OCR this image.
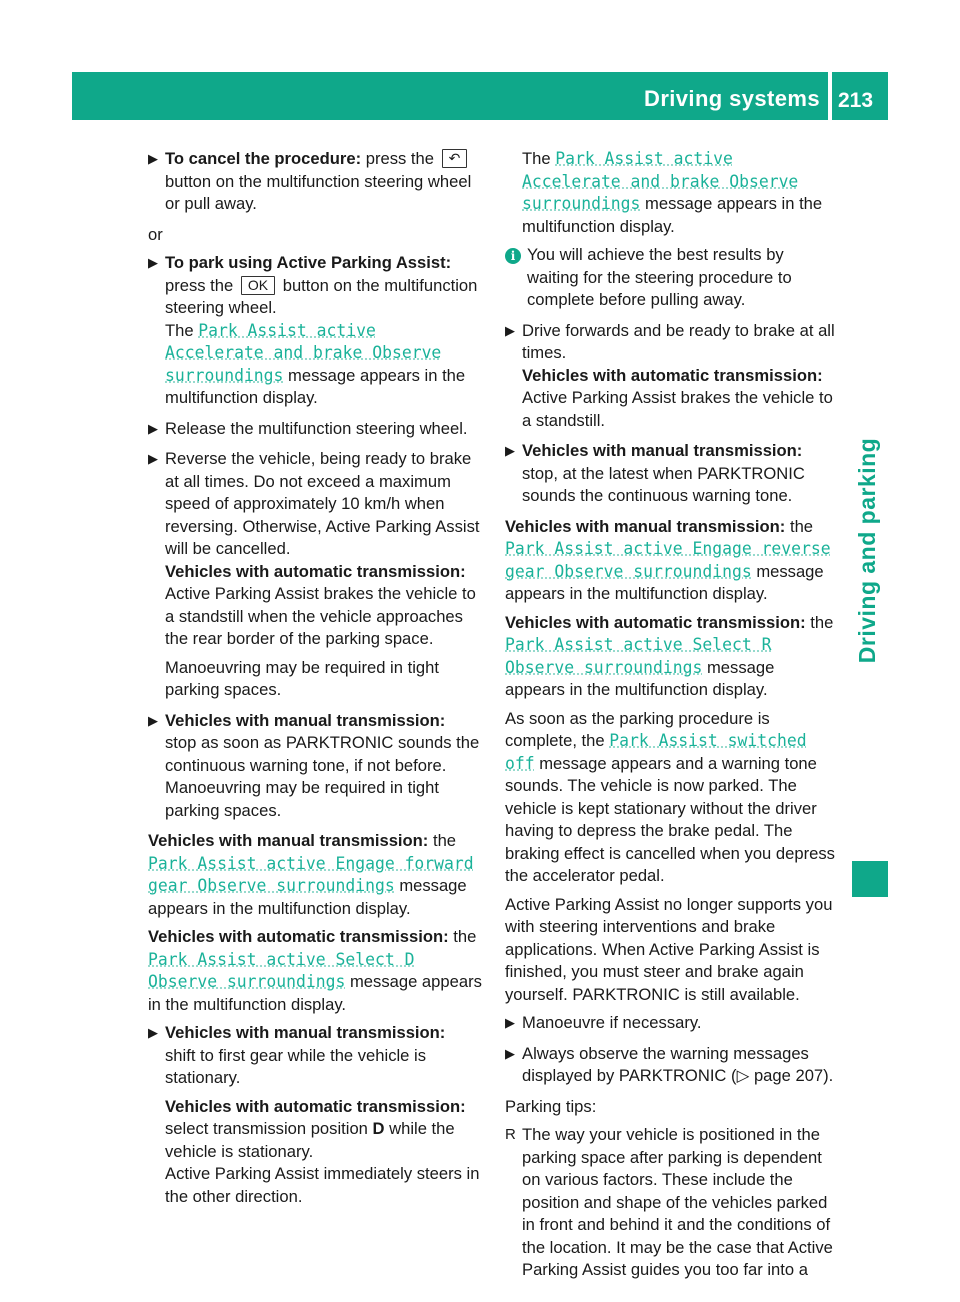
Driving systems 213
Driving and parking
▶ To cancel the procedure: press the ↶ button on the multifunction steering wheel or pull away.

or

▶ To park using Active Parking Assist:
press the OK button on the multifunction steering wheel.
The Park Assist active Accelerate and brake Observe surroundings message appears in the multifunction display.

▶ Release the multifunction steering wheel.

▶ Reverse the vehicle, being ready to brake at all times. Do not exceed a maximum speed of approximately 10 km/h when reversing. Otherwise, Active Parking Assist will be cancelled.
Vehicles with automatic transmission:
Active Parking Assist brakes the vehicle to a standstill when the vehicle approaches the rear border of the parking space.

Manoeuvring may be required in tight parking spaces.

▶ Vehicles with manual transmission:
stop as soon as PARKTRONIC sounds the continuous warning tone, if not before.
Manoeuvring may be required in tight parking spaces.

Vehicles with manual transmission: the Park Assist active Engage forward gear Observe surroundings message appears in the multifunction display.

Vehicles with automatic transmission: the Park Assist active Select D Observe surroundings message appears in the multifunction display.

▶ Vehicles with manual transmission:
shift to first gear while the vehicle is stationary.

Vehicles with automatic transmission:
select transmission position D while the vehicle is stationary.
Active Parking Assist immediately steers in the other direction.

The Park Assist active Accelerate and brake Observe surroundings message appears in the multifunction display.

i You will achieve the best results by waiting for the steering procedure to complete before pulling away.
▶ Drive forwards and be ready to brake at all times.
Vehicles with automatic transmission:
Active Parking Assist brakes the vehicle to a standstill.

▶ Vehicles with manual transmission:
stop, at the latest when PARKTRONIC sounds the continuous warning tone.

Vehicles with manual transmission: the Park Assist active Engage reverse gear Observe surroundings message appears in the multifunction display.

Vehicles with automatic transmission: the Park Assist active Select R Observe surroundings message appears in the multifunction display.

As soon as the parking procedure is complete, the Park Assist switched off message appears and a warning tone sounds. The vehicle is now parked. The vehicle is kept stationary without the driver having to depress the brake pedal. The braking effect is cancelled when you depress the accelerator pedal.

Active Parking Assist no longer supports you with steering interventions and brake applications. When Active Parking Assist is finished, you must steer and brake again yourself. PARKTRONIC is still available.

▶ Manoeuvre if necessary.

▶ Always observe the warning messages displayed by PARKTRONIC (▷ page 207).

Parking tips:

R The way your vehicle is positioned in the parking space after parking is dependent on various factors. These include the position and shape of the vehicles parked in front and behind it and the conditions of the location. It may be the case that Active Parking Assist guides you too far into a
